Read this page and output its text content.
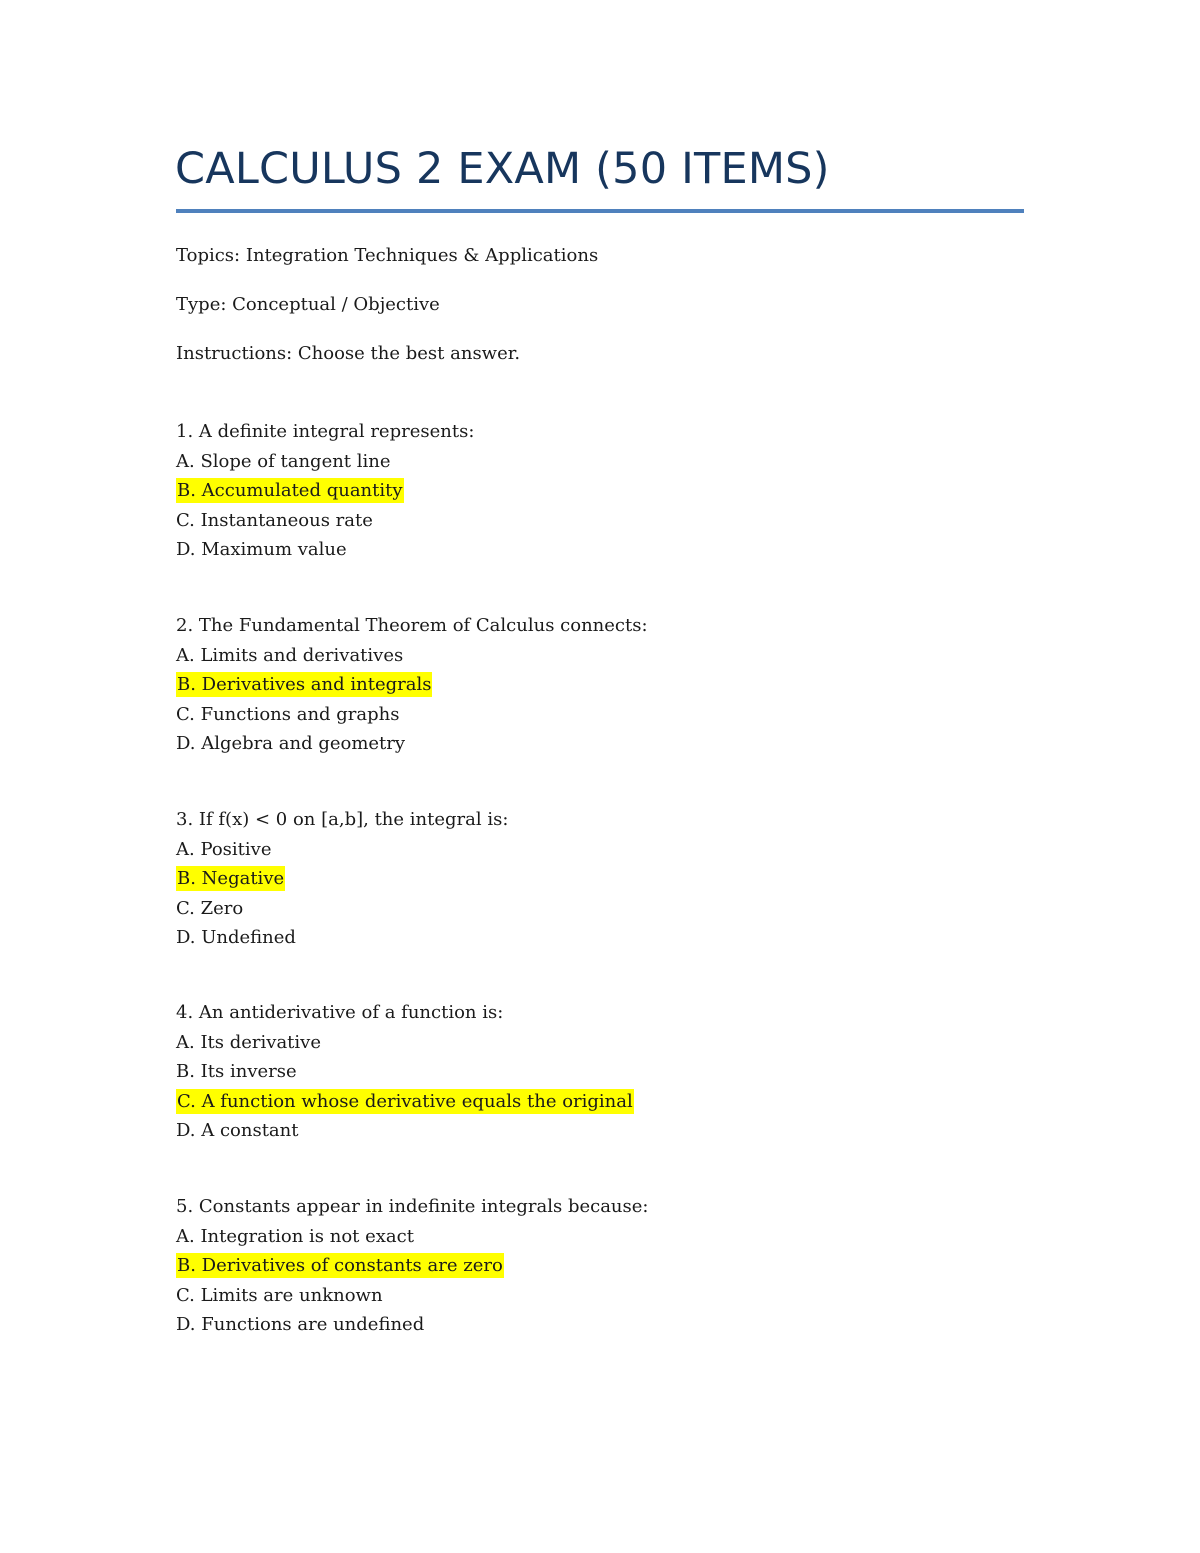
CALCULUS 2 EXAM (50 ITEMS)
Topics: Integration Techniques & Applications
Type: Conceptual / Objective
Instructions: Choose the best answer.
1. A definite integral represents:
A. Slope of tangent line
B. Accumulated quantity
C. Instantaneous rate
D. Maximum value
2. The Fundamental Theorem of Calculus connects:
A. Limits and derivatives
B. Derivatives and integrals
C. Functions and graphs
D. Algebra and geometry
3. If f(x) < 0 on [a,b], the integral is:
A. Positive
B. Negative
C. Zero
D. Undefined
4. An antiderivative of a function is:
A. Its derivative
B. Its inverse
C. A function whose derivative equals the original
D. A constant
5. Constants appear in indefinite integrals because:
A. Integration is not exact
B. Derivatives of constants are zero
C. Limits are unknown
D. Functions are undefined
